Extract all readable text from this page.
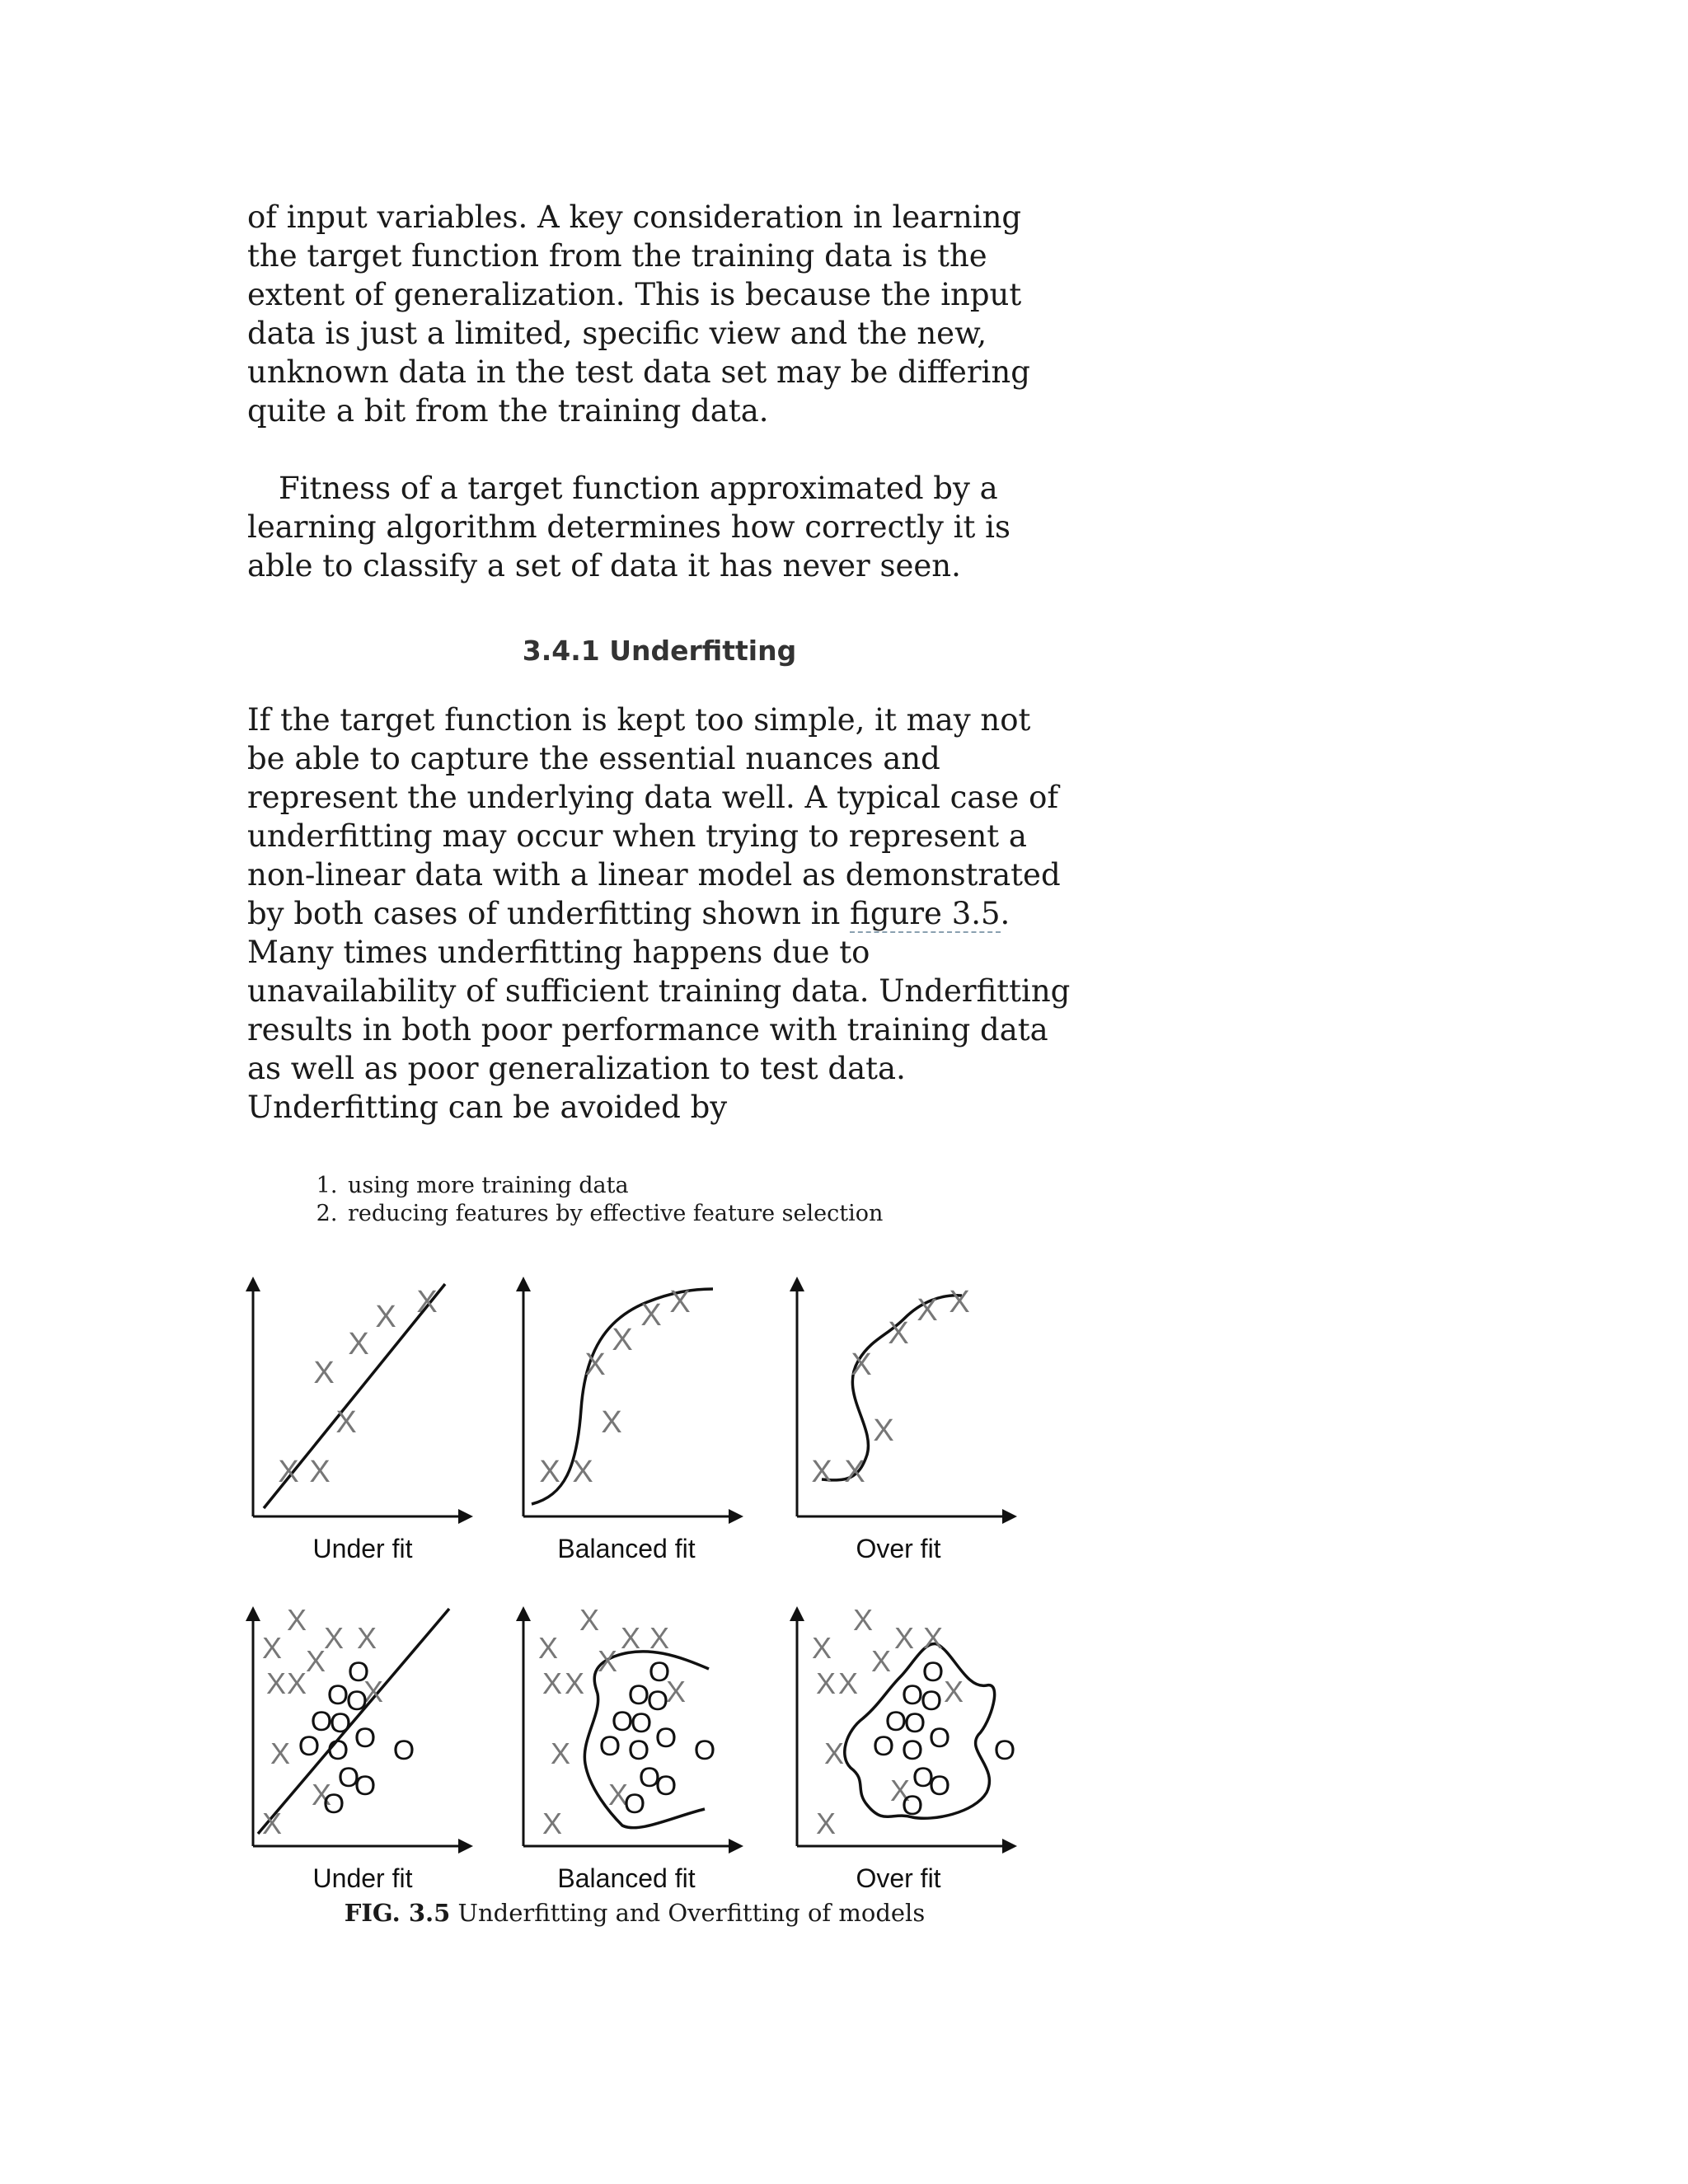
of input variables. A key consideration in learning the target function from the training data is the extent of generalization. This is because the input data is just a limited, specific view and the new, unknown data in the test data set may be differing quite a bit from the training data.

Fitness of a target function approximated by a learning algorithm determines how correctly it is able to classify a set of data it has never seen.

3.4.1 Underfitting

If the target function is kept too simple, it may not be able to capture the essential nuances and represent the underlying data well. A typical case of underfitting may occur when trying to represent a non-linear data with a linear model as demonstrated by both cases of underfitting shown in figure 3.5. Many times underfitting happens due to unavailability of sufficient training data. Underfitting results in both poor performance with training data as well as poor generalization to test data. Underfitting can be avoided by

1. using more training data
2. reducing features by effective feature selection
X X
X
X
X
X X
Under fit
X X
X
X
X
X X
Balanced fit
X X
X
X
X
X X
Over fit
X
X X X
X
X X X
X
X
X
O
O
O
O
O O
O
O	O
O
O
O
Under fit
X
X X X
X
X X	X
X
X
X
O
O
O
O
O O
O
O	O
O
O
O
Balanced fit
X
X X X
X
X X	X
X
X
X
O
O
O
O
O O
O
O	O
O
O
O
Over fit
FIG. 3.5 Underfitting and Overfitting of models
